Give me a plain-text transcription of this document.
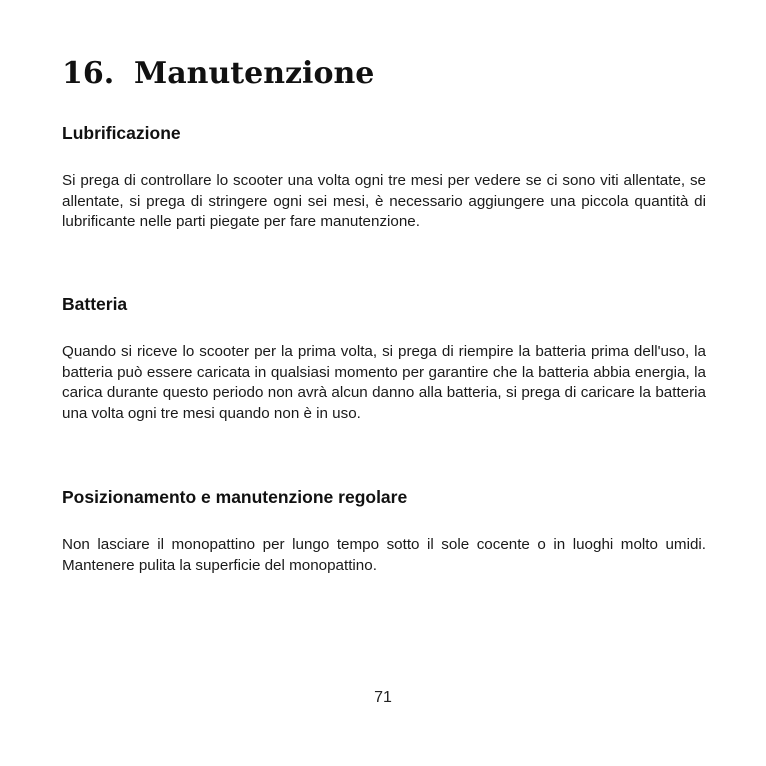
16. Manutenzione
Lubrificazione

Si prega di controllare lo scooter una volta ogni tre mesi per vedere se ci sono viti allentate, se allentate, si prega di stringere ogni sei mesi, è necessario aggiungere una piccola quantità di lubrificante nelle parti piegate per fare manutenzione.

Batteria

Quando si riceve lo scooter per la prima volta, si prega di riempire la batteria prima dell'uso, la batteria può essere caricata in qualsiasi momento per garantire che la batteria abbia energia, la carica durante questo periodo non avrà alcun danno alla batteria, si prega di caricare la batteria una volta ogni tre mesi quando non è in uso.

Posizionamento e manutenzione regolare

Non lasciare il monopattino per lungo tempo sotto il sole cocente o in luoghi molto umidi. Mantenere pulita la superficie del monopattino.

71
